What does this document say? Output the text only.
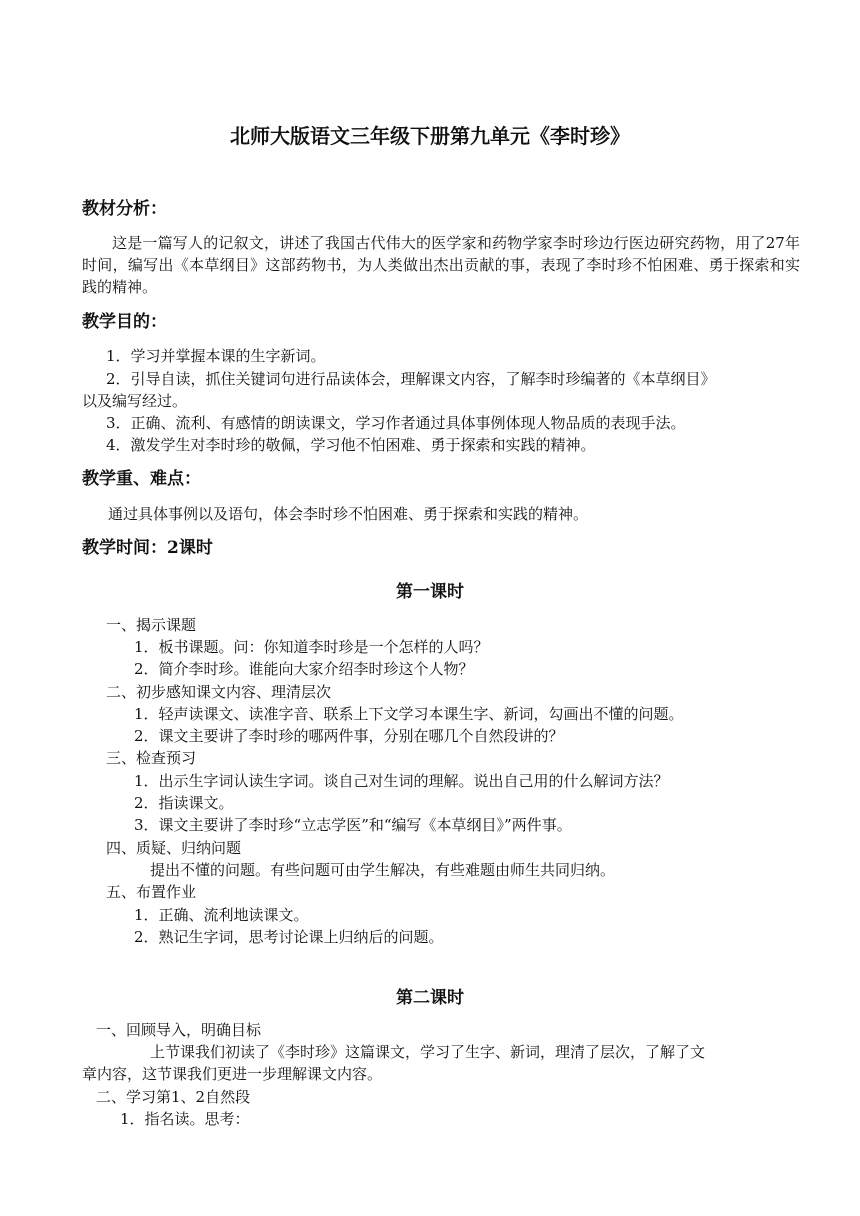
北师大版语文三年级下册第九单元《李时珍》
教材分析：
这是一篇写人的记叙文，讲述了我国古代伟大的医学家和药物学家李时珍边行医边研究药物，用了27年时间，编写出《本草纲目》这部药物书，为人类做出杰出贡献的事，表现了李时珍不怕困难、勇于探索和实践的精神。
教学目的：
1．学习并掌握本课的生字新词。
2．引导自读，抓住关键词句进行品读体会，理解课文内容，了解李时珍编著的《本草纲目》
以及编写经过。
3．正确、流利、有感情的朗读课文，学习作者通过具体事例体现人物品质的表现手法。
4．激发学生对李时珍的敬佩，学习他不怕困难、勇于探索和实践的精神。
教学重、难点：
通过具体事例以及语句，体会李时珍不怕困难、勇于探索和实践的精神。
教学时间：2课时
第一课时
一、揭示课题
1．板书课题。问：你知道李时珍是一个怎样的人吗？
2．简介李时珍。谁能向大家介绍李时珍这个人物？
二、初步感知课文内容、理清层次
1．轻声读课文、读准字音、联系上下文学习本课生字、新词，勾画出不懂的问题。
2．课文主要讲了李时珍的哪两件事，分别在哪几个自然段讲的？
三、检查预习
1．出示生字词认读生字词。谈自己对生词的理解。说出自己用的什么解词方法？
2．指读课文。
3．课文主要讲了李时珍“立志学医”和“编写《本草纲目》”两件事。
四、质疑、归纳问题
提出不懂的问题。有些问题可由学生解决，有些难题由师生共同归纳。
五、布置作业
1．正确、流利地读课文。
2．熟记生字词，思考讨论课上归纳后的问题。
第二课时
一、回顾导入，明确目标
上节课我们初读了《李时珍》这篇课文，学习了生字、新词，理清了层次，了解了文
章内容，这节课我们更进一步理解课文内容。
二、学习第1、2自然段
1．指名读。思考：
